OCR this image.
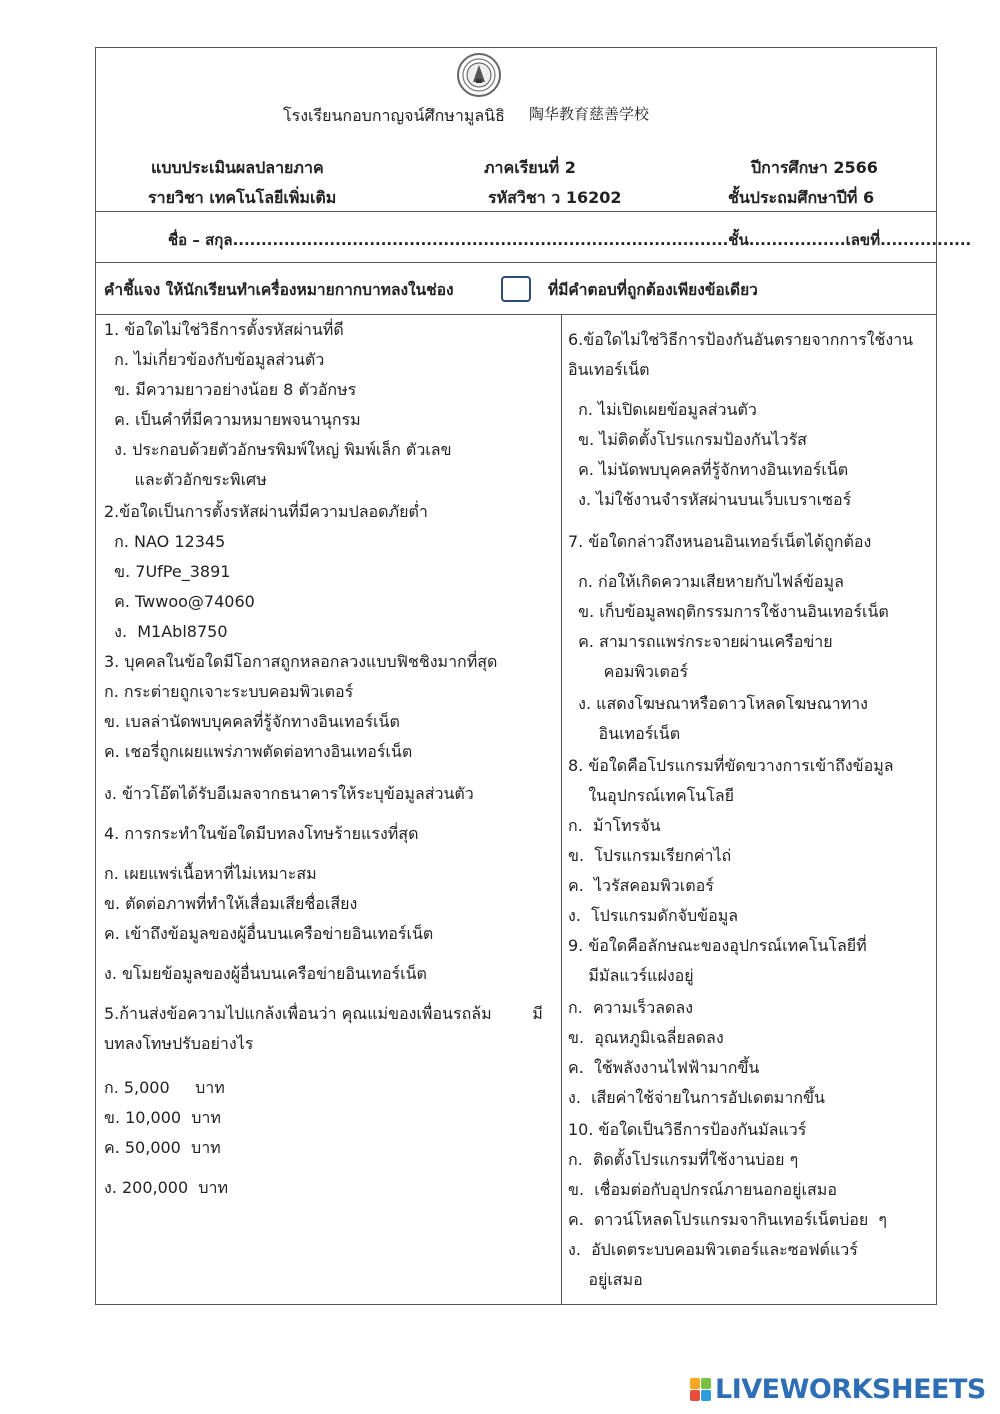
โรงเรียนกอบกาญจน์ศึกษามูลนิธิ 陶华教育慈善学校
แบบประเมินผลปลายภาค	ภาคเรียนที่ 2	ปีการศึกษา 2566
รายวิชา เทคโนโลยีเพิ่มเติม	รหัสวิชา ว 16202	ชั้นประถมศึกษาปีที่ 6
ชื่อ – สกุล.......................................................................................ชั้น.................เลขที่................
คำชี้แจง ให้นักเรียนทำเครื่องหมายกากบาทลงในช่อง	ที่มีคำตอบที่ถูกต้องเพียงข้อเดียว
1. ข้อใดไม่ใช่วิธีการตั้งรหัสผ่านที่ดี
ก. ไม่เกี่ยวข้องกับข้อมูลส่วนตัว
ข. มีความยาวอย่างน้อย 8 ตัวอักษร
ค. เป็นคำที่มีความหมายพจนานุกรม
ง. ประกอบด้วยตัวอักษรพิมพ์ใหญ่ พิมพ์เล็ก ตัวเลข
และตัวอักขระพิเศษ
2.ข้อใดเป็นการตั้งรหัสผ่านที่มีความปลอดภัยต่ำ
ก. NAO 12345
ข. 7UfPe_3891
ค. Twwoo@74060
ง.  M1Abl8750
3. บุคคลในข้อใดมีโอกาสถูกหลอกลวงแบบฟิชชิงมากที่สุด
ก. กระต่ายถูกเจาะระบบคอมพิวเตอร์
ข. เบลล่านัดพบบุคคลที่รู้จักทางอินเทอร์เน็ต
ค. เชอรี่ถูกเผยแพร่ภาพตัดต่อทางอินเทอร์เน็ต
ง. ข้าวโอ๊ตได้รับอีเมลจากธนาคารให้ระบุข้อมูลส่วนตัว
4. การกระทำในข้อใดมีบทลงโทษร้ายแรงที่สุด
ก. เผยแพร่เนื้อหาที่ไม่เหมาะสม
ข. ตัดต่อภาพที่ทำให้เสื่อมเสียชื่อเสียง
ค. เข้าถึงข้อมูลของผู้อื่นบนเครือข่ายอินเทอร์เน็ต
ง. ขโมยข้อมูลของผู้อื่นบนเครือข่ายอินเทอร์เน็ต
5.ก้านส่งข้อความไปแกล้งเพื่อนว่า คุณแม่ของเพื่อนรถล้ม        มี
บทลงโทษปรับอย่างไร
ก. 5,000     บาท
ข. 10,000  บาท
ค. 50,000  บาท
ง. 200,000  บาท
6.ข้อใดไม่ใช่วิธีการป้องกันอันตรายจากการใช้งาน
อินเทอร์เน็ต
ก. ไม่เปิดเผยข้อมูลส่วนตัว
ข. ไม่ติดตั้งโปรแกรมป้องกันไวรัส
ค. ไม่นัดพบบุคคลที่รู้จักทางอินเทอร์เน็ต
ง. ไม่ใช้งานจำรหัสผ่านบนเว็บเบราเซอร์
7. ข้อใดกล่าวถึงหนอนอินเทอร์เน็ตได้ถูกต้อง
ก. ก่อให้เกิดความเสียหายกับไฟล์ข้อมูล
ข. เก็บข้อมูลพฤติกรรมการใช้งานอินเทอร์เน็ต
ค. สามารถแพร่กระจายผ่านเครือข่าย
คอมพิวเตอร์
ง. แสดงโฆษณาหรือดาวโหลดโฆษณาทาง
อินเทอร์เน็ต
8. ข้อใดคือโปรแกรมที่ขัดขวางการเข้าถึงข้อมูล
ในอุปกรณ์เทคโนโลยี
ก.  ม้าโทรจัน
ข.  โปรแกรมเรียกค่าไถ่
ค.  ไวรัสคอมพิวเตอร์
ง.  โปรแกรมดักจับข้อมูล
9. ข้อใดคือลักษณะของอุปกรณ์เทคโนโลยีที่
มีมัลแวร์แฝงอยู่
ก.  ความเร็วลดลง
ข.  อุณหภูมิเฉลี่ยลดลง
ค.  ใช้พลังงานไฟฟ้ามากขึ้น
ง.  เสียค่าใช้จ่ายในการอัปเดตมากขึ้น
10. ข้อใดเป็นวิธีการป้องกันมัลแวร์
ก.  ติดตั้งโปรแกรมที่ใช้งานบ่อย ๆ
ข.  เชื่อมต่อกับอุปกรณ์ภายนอกอยู่เสมอ
ค.  ดาวน์โหลดโปรแกรมจากินเทอร์เน็ตบ่อย  ๆ
ง.  อัปเดตระบบคอมพิวเตอร์และซอฟต์แวร์
อยู่เสมอ
LIVEWORKSHEETS
